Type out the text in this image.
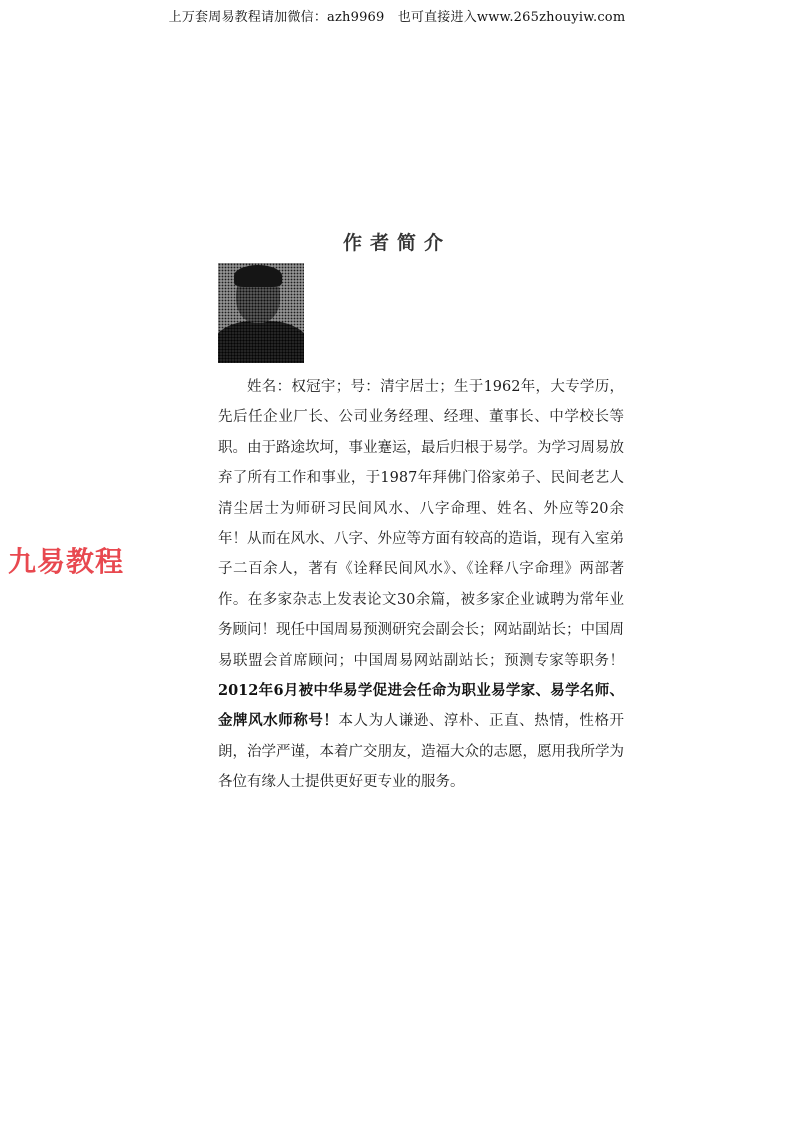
上万套周易教程请加微信：azh9969　也可直接进入www.265zhouyiw.com
作者简介

姓名：权冠宇；号：清宇居士；生于1962年，大专学历，先后任企业厂长、公司业务经理、经理、董事长、中学校长等职。由于路途坎坷，事业蹇运，最后归根于易学。为学习周易放弃了所有工作和事业，于1987年拜佛门俗家弟子、民间老艺人清尘居士为师研习民间风水、八字命理、姓名、外应等20余年！从而在风水、八字、外应等方面有较高的造诣，现有入室弟子二百余人，著有《诠释民间风水》、《诠释八字命理》两部著作。在多家杂志上发表论文30余篇，被多家企业诚聘为常年业务顾问！现任中国周易预测研究会副会长；网站副站长；中国周易联盟会首席顾问；中国周易网站副站长；预测专家等职务！2012年6月被中华易学促进会任命为职业易学家、易学名师、金牌风水师称号！本人为人谦逊、淳朴、正直、热情，性格开朗，治学严谨，本着广交朋友，造福大众的志愿，愿用我所学为各位有缘人士提供更好更专业的服务。

九易教程
